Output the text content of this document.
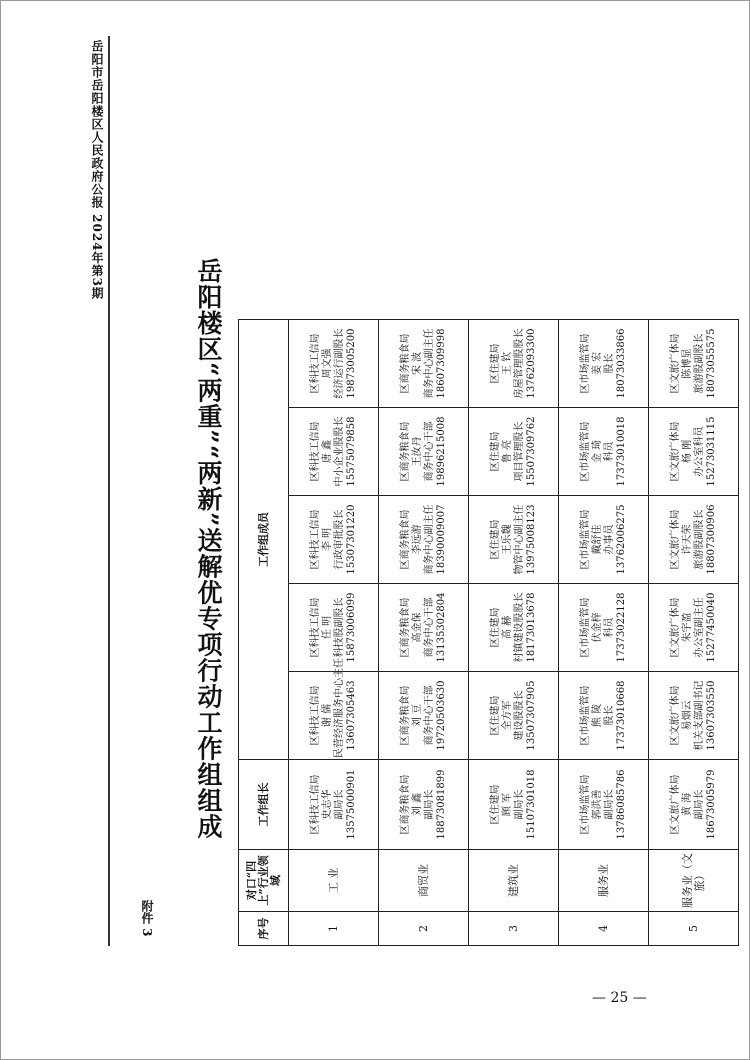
岳阳市岳阳楼区人民政府公报 2024年第3期
附件 3
岳阳楼区“两重”“两新”送解优专项行动工作组组成
序号	对口“四上”行业领域	工作组长	工作组成员				
1	工 业	区科技工信局 史志华 副局长 13575000901	区科技工信局 谢 儒 民营经济服务中心主任 13607305463	区科技工信局 任 明 科技股副股长 15873006099	区科技工信局 李 明 行政审批股长 15307301220	区科技工信局 唐 鑫 中小企业股股长 15575079858	区科技工信局 周文强 经济运行副股长 19873005200

2	商贸业	区商务粮食局 刘 鑫 副局长 18873081899	区商务粮食局 刘 豆 商务中心干部 19720503630	区商务粮食局 高金保 商务中心干部 13135302804	区商务粮食局 李远游 商务中心副主任 18390009007	区商务粮食局 王汝丹 商务中心干部 19896215008	区商务粮食局 宋 波 商务中心副主任 18607309998

3	建筑业	区住建局 顾 军 副局长 15107301018	区住建局 全方军 建设股股长 13507307905	区住建局 高 赫 村镇建设股股长 18173013678	区住建局 王乐魏 物管中心副主任 13975008123	区住建局 鲁 亮 项目管理股长 15507309762	区住建局 王 钦 房屋管理股股长 13762093300

4	服务业	区市场监管局 郭洪善 副局长 13786085786	区市场监管局 熊 陵 股长 17373010668	区市场监管局 伏金梓 科员 17373022128	区市场监管局 戴舒佳 办事员 13762006275	区市场监管局 金 琦 科员 17373010018	区市场监管局 姜 宏 股长 18073033866

5	服务业（文旅）	区文旅广体局 黄 海 副局长 18673005979	区文旅广体局 易烟云 机关支部副书记 13607303550	区文旅广体局 朱宇盈 办公室副主任 15277450040	区文旅广体局 许天荣 旅游股副股长 18807300906	区文旅广体局 杨 刚 办公室科员 15273031115	区文旅广体局 陈博显 旅游股副股长 18073055575
— 25 —
